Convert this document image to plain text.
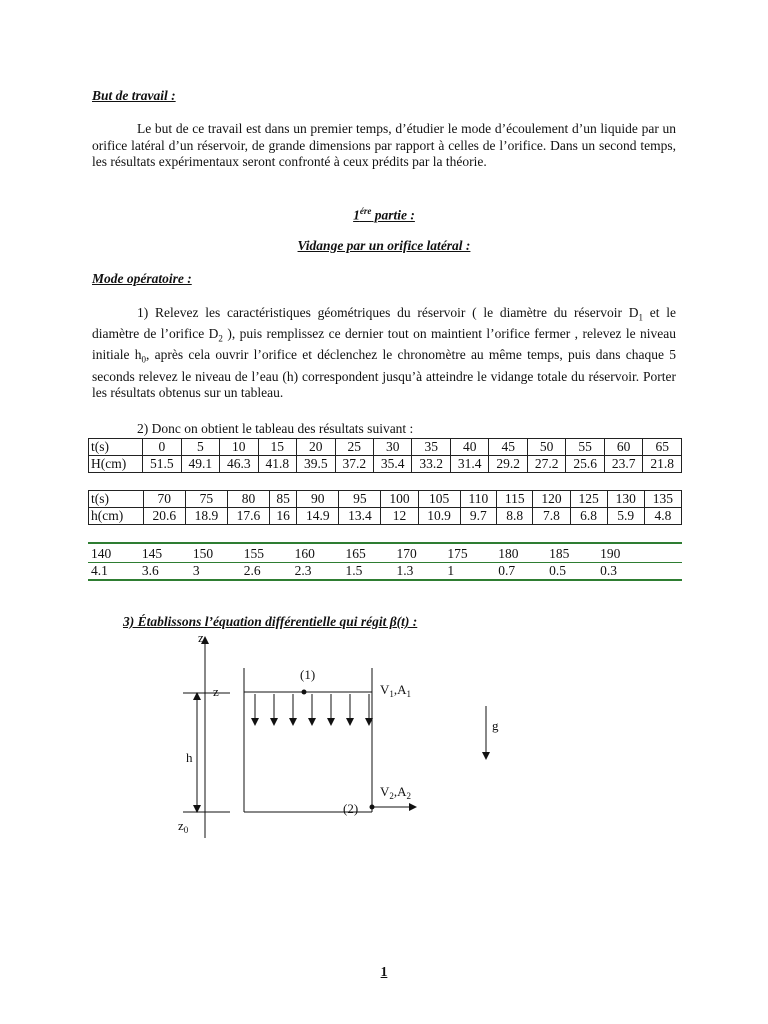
But de travail :
Le but de ce travail est dans un premier temps, d’étudier le mode d’écoulement d’un liquide par un orifice latéral d’un réservoir, de grande dimensions par rapport à celles de l’orifice. Dans un second temps, les résultats expérimentaux seront confronté à ceux prédits par la théorie.
$1^{ére}$ partie :
Vidange par un orifice latéral :
Mode opératoire :
1) Relevez les caractéristiques géométriques du réservoir ( le diamètre du réservoir $D_1$ et le diamètre de l’orifice $D_2$ ), puis remplissez ce dernier tout on maintient l’orifice fermer , relevez le niveau initiale $h_0$, après cela ouvrir l’orifice et déclenchez le chronomètre au même temps, puis dans chaque 5 seconds relevez le niveau de l’eau (h) correspondent jusqu’à atteindre le vidange totale du réservoir. Porter les résultats obtenus sur un tableau.
2) Donc on obtient le tableau des résultats suivant :
t(s)	0	5	10	15	20	25	30	35	40	45	50	55	60	65
H(cm)	51.5	49.1	46.3	41.8	39.5	37.2	35.4	33.2	31.4	29.2	27.2	25.6	23.7	21.8
t(s)	70	75	80	85	90	95	100	105	110	115	120	125	130	135
h(cm)	20.6	18.9	17.6	16	14.9	13.4	12	10.9	9.7	8.8	7.8	6.8	5.9	4.8
140	145	150	155	160	165	170	175	180	185	190
4.1	3.6	3	2.6	2.3	1.5	1.3	1	0.7	0.5	0.3
3) Établissons l’équation différentielle qui régit β(t) :
z
z
h
$z_0$
(1)
$V_1,A_1$
(2)
$V_2,A_2$
g
1
